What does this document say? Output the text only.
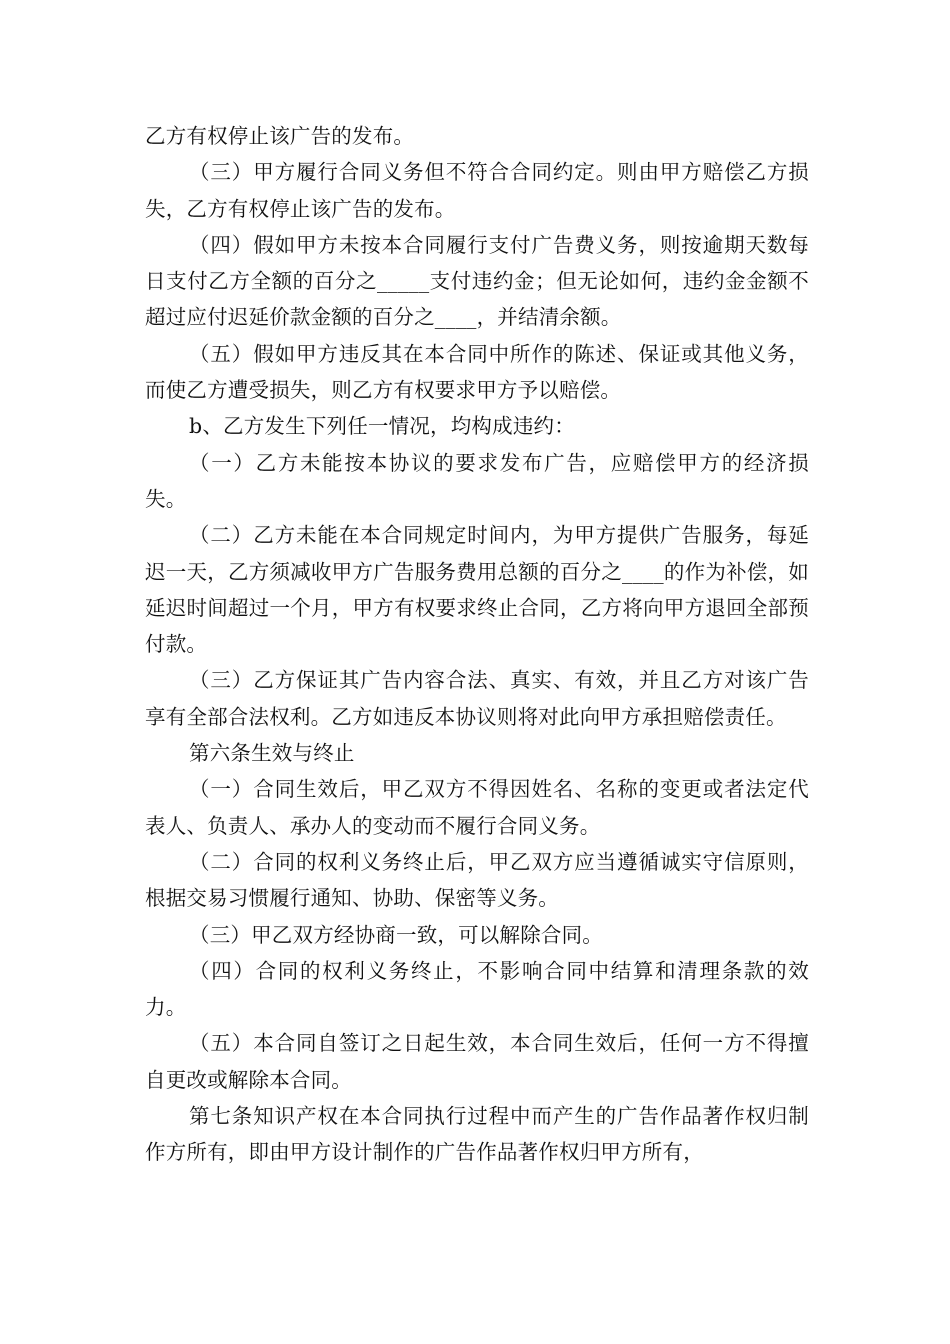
乙方有权停止该广告的发布。

（三）甲方履行合同义务但不符合合同约定。则由甲方赔偿乙方损失，乙方有权停止该广告的发布。

（四）假如甲方未按本合同履行支付广告费义务，则按逾期天数每日支付乙方全额的百分之_____支付违约金；但无论如何，违约金金额不超过应付迟延价款金额的百分之____，并结清余额。

（五）假如甲方违反其在本合同中所作的陈述、保证或其他义务，而使乙方遭受损失，则乙方有权要求甲方予以赔偿。

b、乙方发生下列任一情况，均构成违约：

（一）乙方未能按本协议的要求发布广告，应赔偿甲方的经济损失。

（二）乙方未能在本合同规定时间内，为甲方提供广告服务，每延迟一天，乙方须减收甲方广告服务费用总额的百分之____的作为补偿，如延迟时间超过一个月，甲方有权要求终止合同，乙方将向甲方退回全部预付款。

（三）乙方保证其广告内容合法、真实、有效，并且乙方对该广告享有全部合法权利。乙方如违反本协议则将对此向甲方承担赔偿责任。

第六条生效与终止

（一）合同生效后，甲乙双方不得因姓名、名称的变更或者法定代表人、负责人、承办人的变动而不履行合同义务。

（二）合同的权利义务终止后，甲乙双方应当遵循诚实守信原则，根据交易习惯履行通知、协助、保密等义务。

（三）甲乙双方经协商一致，可以解除合同。

（四）合同的权利义务终止，不影响合同中结算和清理条款的效力。

（五）本合同自签订之日起生效，本合同生效后，任何一方不得擅自更改或解除本合同。

第七条知识产权在本合同执行过程中而产生的广告作品著作权归制作方所有，即由甲方设计制作的广告作品著作权归甲方所有，
